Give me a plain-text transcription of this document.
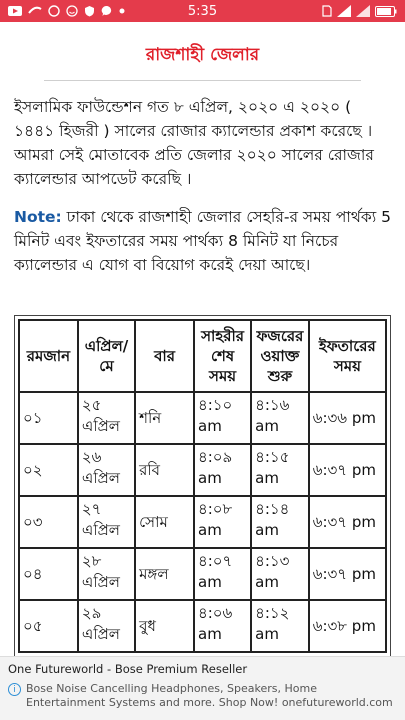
5:35
রাজশাহী জেলার

ইসলামিক ফাউন্ডেশন গত ৮ এপ্রিল, ২০২০ এ ২০২০ ( ১৪৪১ হিজরী ) সালের রোজার ক্যালেন্ডার প্রকাশ করেছে । আমরা সেই মোতাবেক প্রতি জেলার ২০২০ সালের রোজার ক্যালেন্ডার আপডেট করেছি ।

Note: ঢাকা থেকে রাজশাহী জেলার সেহরি-র সময় পার্থক্য 5 মিনিট এবং ইফতারের সময় পার্থক্য 8 মিনিট যা নিচের ক্যালেন্ডার এ যোগ বা বিয়োগ করেই দেয়া আছে।

রমজান	এপ্রিল/ মে	বার	সাহরীর শেষ সময়	ফজরের ওয়াক্ত শুরু	ইফতারের সময়
০১	২৫ এপ্রিল	শনি	৪:১০ am	৪:১৬ am	৬:৩৬ pm
০২	২৬ এপ্রিল	রবি	৪:০৯ am	৪:১৫ am	৬:৩৭ pm
০৩	২৭ এপ্রিল	সোম	৪:০৮ am	৪:১৪ am	৬:৩৭ pm
০৪	২৮ এপ্রিল	মঙ্গল	৪:০৭ am	৪:১৩ am	৬:৩৭ pm
০৫	২৯ এপ্রিল	বুধ	৪:০৬ am	৪:১২ am	৬:৩৮ pm
One Futureworld - Bose Premium Reseller
i Bose Noise Cancelling Headphones, Speakers, Home Entertainment Systems and more. Shop Now! onefutureworld.com
